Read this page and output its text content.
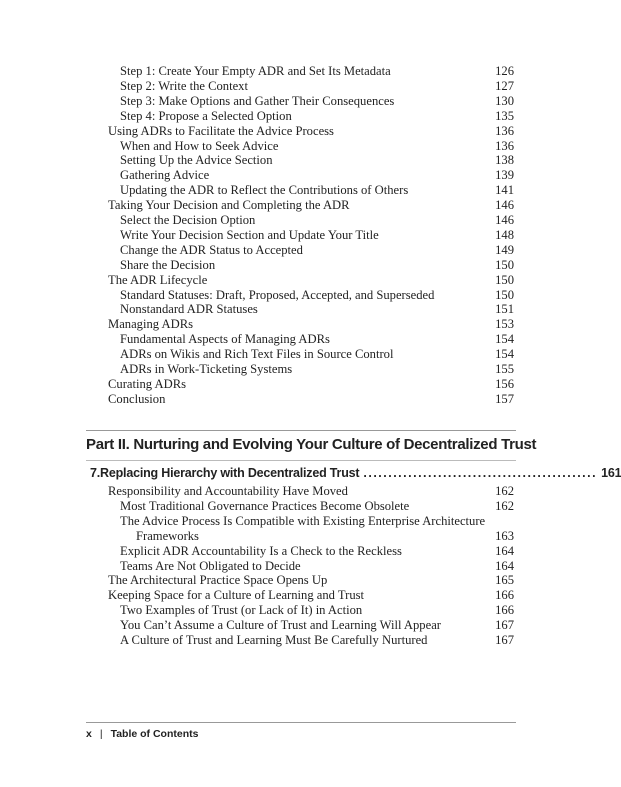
Step 1: Create Your Empty ADR and Set Its Metadata	126
Step 2: Write the Context	127
Step 3: Make Options and Gather Their Consequences	130
Step 4: Propose a Selected Option	135
Using ADRs to Facilitate the Advice Process	136
When and How to Seek Advice	136
Setting Up the Advice Section	138
Gathering Advice	139
Updating the ADR to Reflect the Contributions of Others	141
Taking Your Decision and Completing the ADR	146
Select the Decision Option	146
Write Your Decision Section and Update Your Title	148
Change the ADR Status to Accepted	149
Share the Decision	150
The ADR Lifecycle	150
Standard Statuses: Draft, Proposed, Accepted, and Superseded	150
Nonstandard ADR Statuses	151
Managing ADRs	153
Fundamental Aspects of Managing ADRs	154
ADRs on Wikis and Rich Text Files in Source Control	154
ADRs in Work-Ticketing Systems	155
Curating ADRs	156
Conclusion	157
Part II. Nurturing and Evolving Your Culture of Decentralized Trust
7. Replacing Hierarchy with Decentralized Trust ............................................... 161
Responsibility and Accountability Have Moved	162
Most Traditional Governance Practices Become Obsolete	162
The Advice Process Is Compatible with Existing Enterprise Architecture
Frameworks	163
Explicit ADR Accountability Is a Check to the Reckless	164
Teams Are Not Obligated to Decide	164
The Architectural Practice Space Opens Up	165
Keeping Space for a Culture of Learning and Trust	166
Two Examples of Trust (or Lack of It) in Action	166
You Can’t Assume a Culture of Trust and Learning Will Appear	167
A Culture of Trust and Learning Must Be Carefully Nurtured	167
x | Table of Contents
